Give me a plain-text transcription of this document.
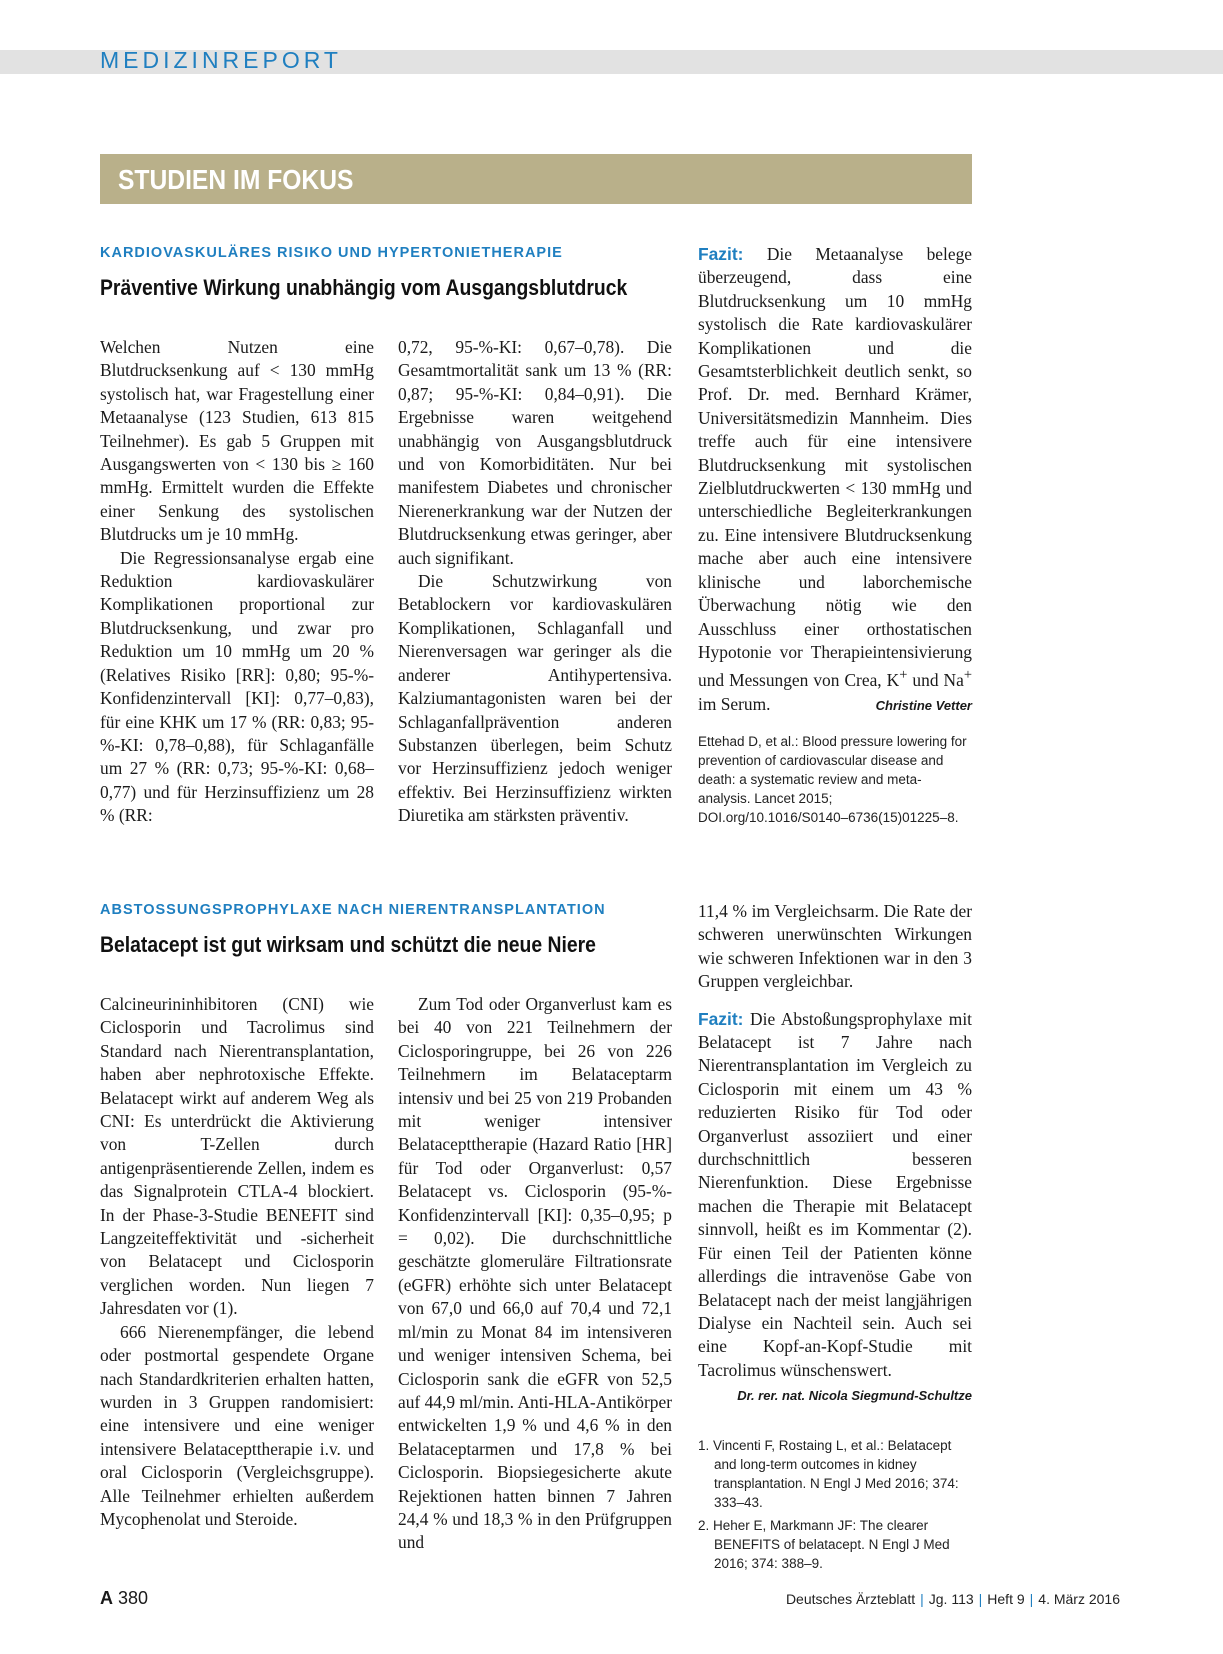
MEDIZINREPORT
STUDIEN IM FOKUS
KARDIOVASKULÄRES RISIKO UND HYPERTONIETHERAPIE
Präventive Wirkung unabhängig vom Ausgangsblutdruck

Welchen Nutzen eine Blutdrucksenkung auf < 130 mmHg systolisch hat, war Fragestellung einer Metaanalyse (123 Studien, 613 815 Teilnehmer). Es gab 5 Gruppen mit Ausgangswerten von < 130 bis ≥ 160 mmHg. Ermittelt wurden die Effekte einer Senkung des systolischen Blutdrucks um je 10 mmHg.

Die Regressionsanalyse ergab eine Reduktion kardiovaskulärer Komplikationen proportional zur Blutdrucksenkung, und zwar pro Reduktion um 10 mmHg um 20 % (Relatives Risiko [RR]: 0,80; 95-%-Konfidenzintervall [KI]: 0,77–0,83), für eine KHK um 17 % (RR: 0,83; 95-%-KI: 0,78–0,88), für Schlaganfälle um 27 % (RR: 0,73; 95-%-KI: 0,68–0,77) und für Herzinsuffizienz um 28 % (RR:

0,72, 95-%-KI: 0,67–0,78). Die Gesamtmortalität sank um 13 % (RR: 0,87; 95-%-KI: 0,84–0,91). Die Ergebnisse waren weitgehend unabhängig von Ausgangsblutdruck und von Komorbiditäten. Nur bei manifestem Diabetes und chronischer Nierenerkrankung war der Nutzen der Blutdrucksenkung etwas geringer, aber auch signifikant.

Die Schutzwirkung von Betablockern vor kardiovaskulären Komplikationen, Schlaganfall und Nierenversagen war geringer als die anderer Antihypertensiva. Kalziumantagonisten waren bei der Schlaganfallprävention anderen Substanzen überlegen, beim Schutz vor Herzinsuffizienz jedoch weniger effektiv. Bei Herzinsuffizienz wirkten Diuretika am stärksten präventiv.

Fazit: Die Metaanalyse belege überzeugend, dass eine Blutdrucksenkung um 10 mmHg systolisch die Rate kardiovaskulärer Komplikationen und die Gesamtsterblichkeit deutlich senkt, so Prof. Dr. med. Bernhard Krämer, Universitätsmedizin Mannheim. Dies treffe auch für eine intensivere Blutdrucksenkung mit systolischen Zielblutdruckwerten < 130 mmHg und unterschiedliche Begleiterkrankungen zu. Eine intensivere Blutdrucksenkung mache aber auch eine intensivere klinische und laborchemische Überwachung nötig wie den Ausschluss einer orthostatischen Hypotonie vor Therapieintensivierung und Messungen von Crea, K+ und Na+ im Serum.	Christine Vetter

Ettehad D, et al.: Blood pressure lowering for prevention of cardiovascular disease and death: a systematic review and meta-analysis. Lancet 2015; DOI.org/10.1016/S0140–6736(15)01225–8.

ABSTOSSUNGSPROPHYLAXE NACH NIERENTRANSPLANTATION
Belatacept ist gut wirksam und schützt die neue Niere

Calcineurininhibitoren (CNI) wie Ciclosporin und Tacrolimus sind Standard nach Nierentransplantation, haben aber nephrotoxische Effekte. Belatacept wirkt auf anderem Weg als CNI: Es unterdrückt die Aktivierung von T-Zellen durch antigenpräsentierende Zellen, indem es das Signalprotein CTLA-4 blockiert. In der Phase-3-Studie BENEFIT sind Langzeiteffektivität und -sicherheit von Belatacept und Ciclosporin verglichen worden. Nun liegen 7 Jahresdaten vor (1).

666 Nierenempfänger, die lebend oder postmortal gespendete Organe nach Standardkriterien erhalten hatten, wurden in 3 Gruppen randomisiert: eine intensivere und eine weniger intensivere Belatacepttherapie i.v. und oral Ciclosporin (Vergleichsgruppe). Alle Teilnehmer erhielten außerdem Mycophenolat und Steroide.

Zum Tod oder Organverlust kam es bei 40 von 221 Teilnehmern der Ciclosporingruppe, bei 26 von 226 Teilnehmern im Belataceptarm intensiv und bei 25 von 219 Probanden mit weniger intensiver Belatacepttherapie (Hazard Ratio [HR] für Tod oder Organverlust: 0,57 Belatacept vs. Ciclosporin (95-%-Konfidenzintervall [KI]: 0,35–0,95; p = 0,02). Die durchschnittliche geschätzte glomeruläre Filtrationsrate (eGFR) erhöhte sich unter Belatacept von 67,0 und 66,0 auf 70,4 und 72,1 ml/min zu Monat 84 im intensiveren und weniger intensiven Schema, bei Ciclosporin sank die eGFR von 52,5 auf 44,9 ml/min. Anti-HLA-Antikörper entwickelten 1,9 % und 4,6 % in den Belataceptarmen und 17,8 % bei Ciclosporin. Biopsiegesicherte akute Rejektionen hatten binnen 7 Jahren 24,4 % und 18,3 % in den Prüfgruppen und

11,4 % im Vergleichsarm. Die Rate der schweren unerwünschten Wirkungen wie schweren Infektionen war in den 3 Gruppen vergleichbar.

Fazit: Die Abstoßungsprophylaxe mit Belatacept ist 7 Jahre nach Nierentransplantation im Vergleich zu Ciclosporin mit einem um 43 % reduzierten Risiko für Tod oder Organverlust assoziiert und einer durchschnittlich besseren Nierenfunktion. Diese Ergebnisse machen die Therapie mit Belatacept sinnvoll, heißt es im Kommentar (2). Für einen Teil der Patienten könne allerdings die intravenöse Gabe von Belatacept nach der meist langjährigen Dialyse ein Nachteil sein. Auch sei eine Kopf-an-Kopf-Studie mit Tacrolimus wünschenswert.

Dr. rer. nat. Nicola Siegmund-Schultze

1. Vincenti F, Rostaing L, et al.: Belatacept and long-term outcomes in kidney transplantation. N Engl J Med 2016; 374: 333–43.

2. Heher E, Markmann JF: The clearer BENEFITS of belatacept. N Engl J Med 2016; 374: 388–9.

A 380	Deutsches Ärzteblatt | Jg. 113 | Heft 9 | 4. März 2016
